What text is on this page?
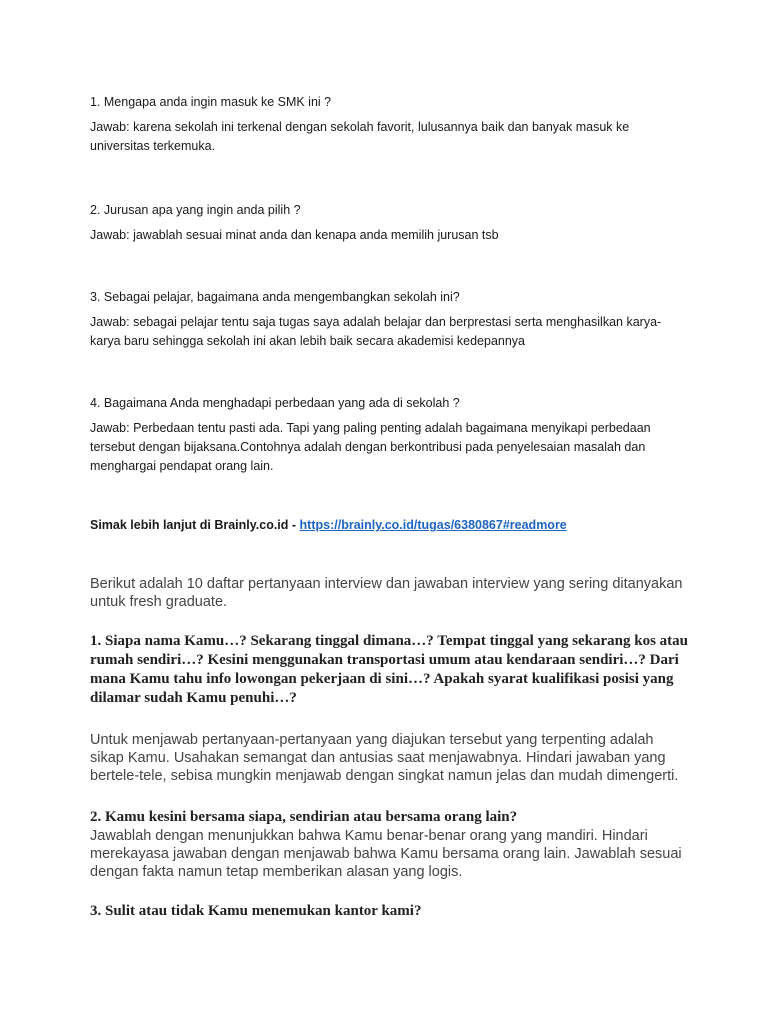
1. Mengapa anda ingin masuk ke SMK ini ?

Jawab: karena sekolah ini terkenal dengan sekolah favorit, lulusannya baik dan banyak masuk ke universitas terkemuka.

2. Jurusan apa yang ingin anda pilih ?

Jawab: jawablah sesuai minat anda dan kenapa anda memilih jurusan tsb

3. Sebagai pelajar, bagaimana anda mengembangkan sekolah ini?

Jawab: sebagai pelajar tentu saja tugas saya adalah belajar dan berprestasi serta menghasilkan karya-karya baru sehingga sekolah ini akan lebih baik secara akademisi kedepannya

4. Bagaimana Anda menghadapi perbedaan yang ada di sekolah ?

Jawab: Perbedaan tentu pasti ada. Tapi yang paling penting adalah bagaimana menyikapi perbedaan tersebut dengan bijaksana.Contohnya adalah dengan berkontribusi pada penyelesaian masalah dan menghargai pendapat orang lain.

Simak lebih lanjut di Brainly.co.id - https://brainly.co.id/tugas/6380867#readmore

Berikut adalah 10 daftar pertanyaan interview dan jawaban interview yang sering ditanyakan untuk fresh graduate.

1. Siapa nama Kamu…? Sekarang tinggal dimana…? Tempat tinggal yang sekarang kos atau rumah sendiri…? Kesini menggunakan transportasi umum atau kendaraan sendiri…? Dari mana Kamu tahu info lowongan pekerjaan di sini…? Apakah syarat kualifikasi posisi yang dilamar sudah Kamu penuhi…?

Untuk menjawab pertanyaan-pertanyaan yang diajukan tersebut yang terpenting adalah sikap Kamu. Usahakan semangat dan antusias saat menjawabnya. Hindari jawaban yang bertele-tele, sebisa mungkin menjawab dengan singkat namun jelas dan mudah dimengerti.

2. Kamu kesini bersama siapa, sendirian atau bersama orang lain?

Jawablah dengan menunjukkan bahwa Kamu benar-benar orang yang mandiri. Hindari merekayasa jawaban dengan menjawab bahwa Kamu bersama orang lain. Jawablah sesuai dengan fakta namun tetap memberikan alasan yang logis.

3. Sulit atau tidak Kamu menemukan kantor kami?
